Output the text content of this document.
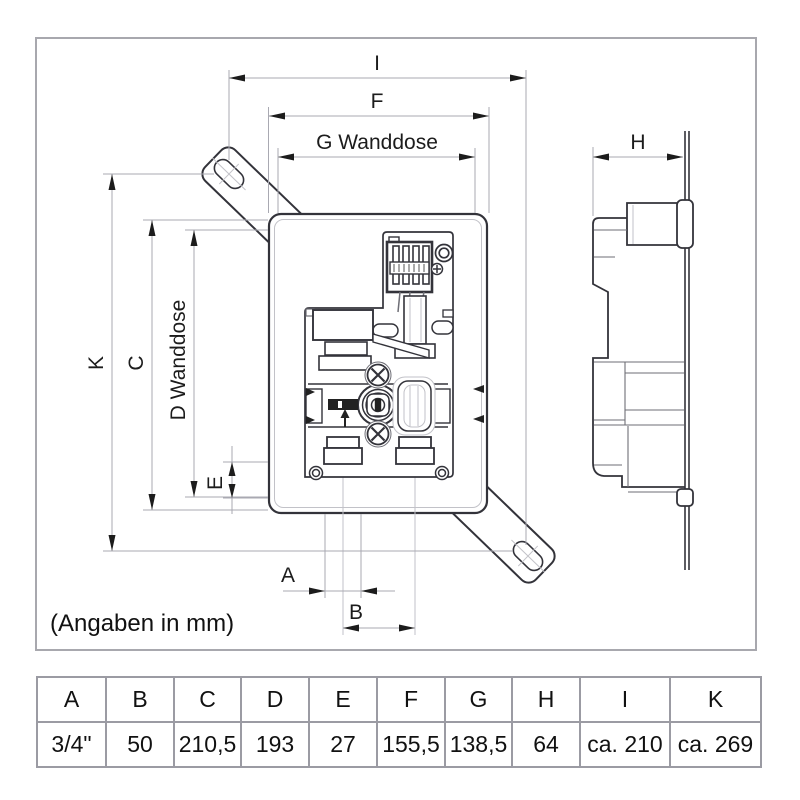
I
F
G Wanddose	H
K C D Wanddose
E
A
B
(Angaben in mm)
A	B	C	D	E	F	G	H	I	K
3/4"	50	210,5	193	27	155,5	138,5	64	ca. 210	ca. 269
